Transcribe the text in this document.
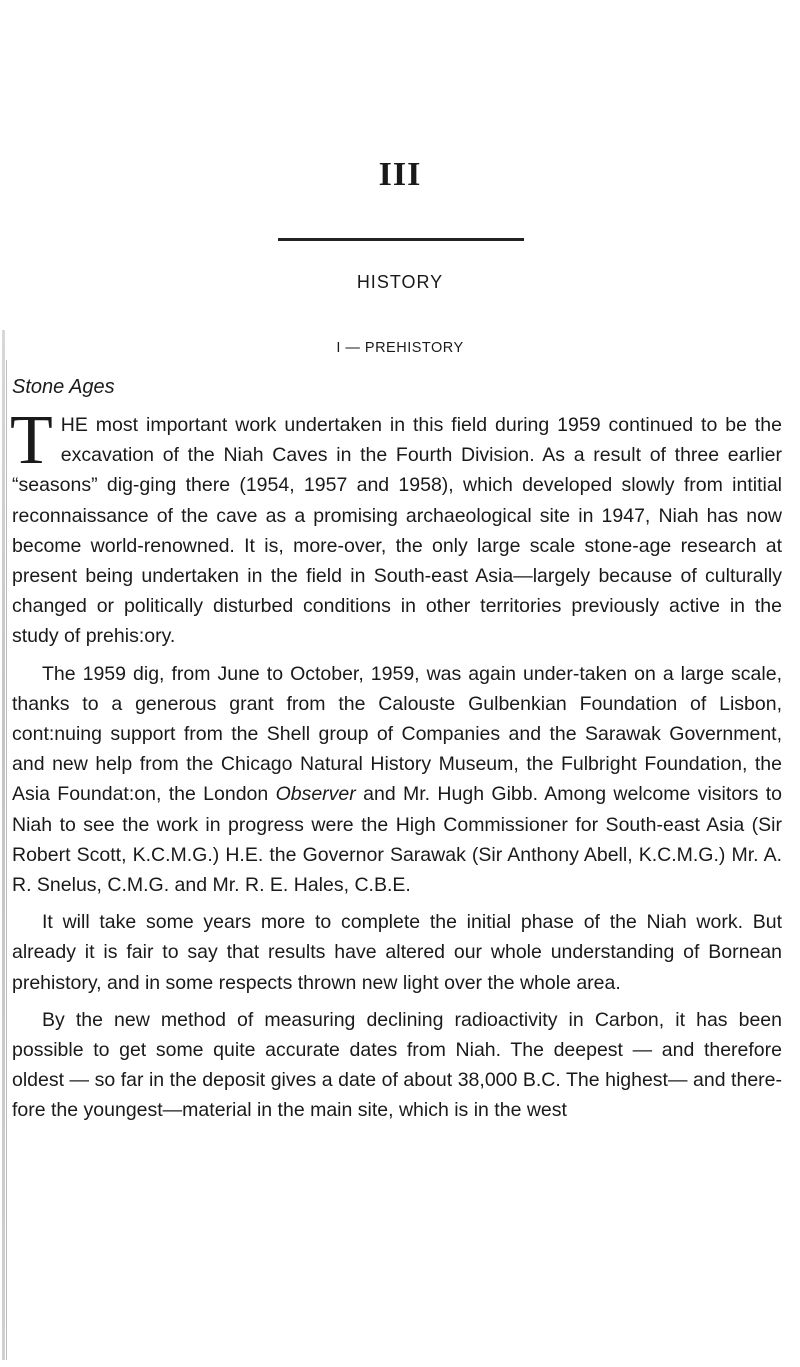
III
HISTORY
I — PREHISTORY
Stone Ages

THE most important work undertaken in this field during 1959 continued to be the excavation of the Niah Caves in the Fourth Division. As a result of three earlier “seasons” dig-ging there (1954, 1957 and 1958), which developed slowly from intitial reconnaissance of the cave as a promising archaeological site in 1947, Niah has now become world-renowned. It is, more-over, the only large scale stone-age research at present being undertaken in the field in South-east Asia—largely because of culturally changed or politically disturbed conditions in other territories previously active in the study of prehis:ory.

The 1959 dig, from June to October, 1959, was again under-taken on a large scale, thanks to a generous grant from the Calouste Gulbenkian Foundation of Lisbon, cont:nuing support from the Shell group of Companies and the Sarawak Government, and new help from the Chicago Natural History Museum, the Fulbright Foundation, the Asia Foundat:on, the London Observer and Mr. Hugh Gibb. Among welcome visitors to Niah to see the work in progress were the High Commissioner for South-east Asia (Sir Robert Scott, K.C.M.G.) H.E. the Governor Sarawak (Sir Anthony Abell, K.C.M.G.) Mr. A. R. Snelus, C.M.G. and Mr. R. E. Hales, C.B.E.

It will take some years more to complete the initial phase of the Niah work. But already it is fair to say that results have altered our whole understanding of Bornean prehistory, and in some respects thrown new light over the whole area.

By the new method of measuring declining radioactivity in Carbon, it has been possible to get some quite accurate dates from Niah. The deepest — and therefore oldest — so far in the deposit gives a date of about 38,000 B.C. The highest— and there-fore the youngest—material in the main site, which is in the west
